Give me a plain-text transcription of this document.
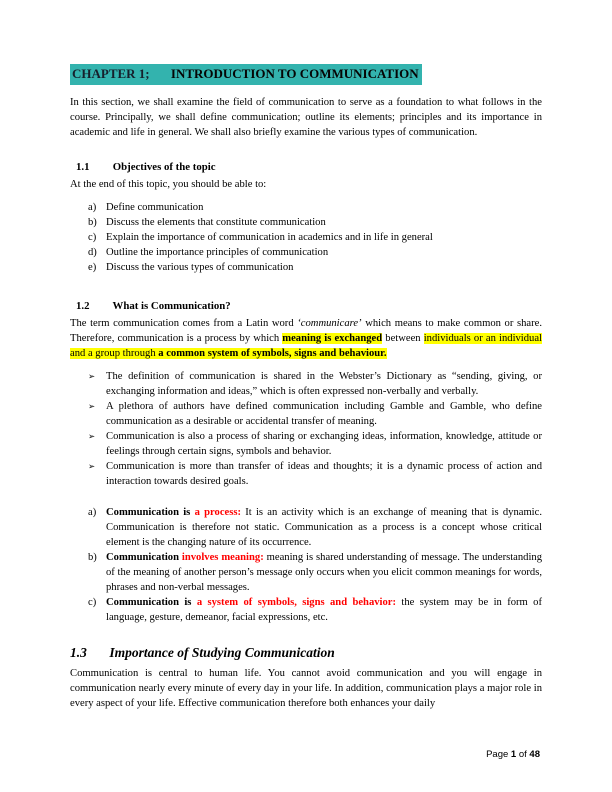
CHAPTER 1; INTRODUCTION TO COMMUNICATION

In this section, we shall examine the field of communication to serve as a foundation to what follows in the course. Principally, we shall define communication; outline its elements; principles and its importance in academic and life in general. We shall also briefly examine the various types of communication.

1.1 Objectives of the topic

At the end of this topic, you should be able to:

a) Define communication
b) Discuss the elements that constitute communication
c) Explain the importance of communication in academics and in life in general
d) Outline the importance principles of communication
e) Discuss the various types of communication
1.2 What is Communication?

The term communication comes from a Latin word ‘communicare’ which means to make common or share. Therefore, communication is a process by which meaning is exchanged between individuals or an individual and a group through a common system of symbols, signs and behaviour.

➢ The definition of communication is shared in the Webster’s Dictionary as “sending, giving, or exchanging information and ideas,” which is often expressed non-verbally and verbally.
➢ A plethora of authors have defined communication including Gamble and Gamble, who define communication as a desirable or accidental transfer of meaning.
➢ Communication is also a process of sharing or exchanging ideas, information, knowledge, attitude or feelings through certain signs, symbols and behavior.
➢ Communication is more than transfer of ideas and thoughts; it is a dynamic process of action and interaction towards desired goals.
a) Communication is a process: It is an activity which is an exchange of meaning that is dynamic. Communication is therefore not static. Communication as a process is a concept whose critical element is the changing nature of its occurrence.
b) Communication involves meaning: meaning is shared understanding of message. The understanding of the meaning of another person’s message only occurs when you elicit common meanings for words, phrases and non-verbal messages.
c) Communication is a system of symbols, signs and behavior: the system may be in form of language, gesture, demeanor, facial expressions, etc.
1.3 Importance of Studying Communication

Communication is central to human life. You cannot avoid communication and you will engage in communication nearly every minute of every day in your life. In addition, communication plays a major role in every aspect of your life. Effective communication therefore both enhances your daily

Page 1 of 48
